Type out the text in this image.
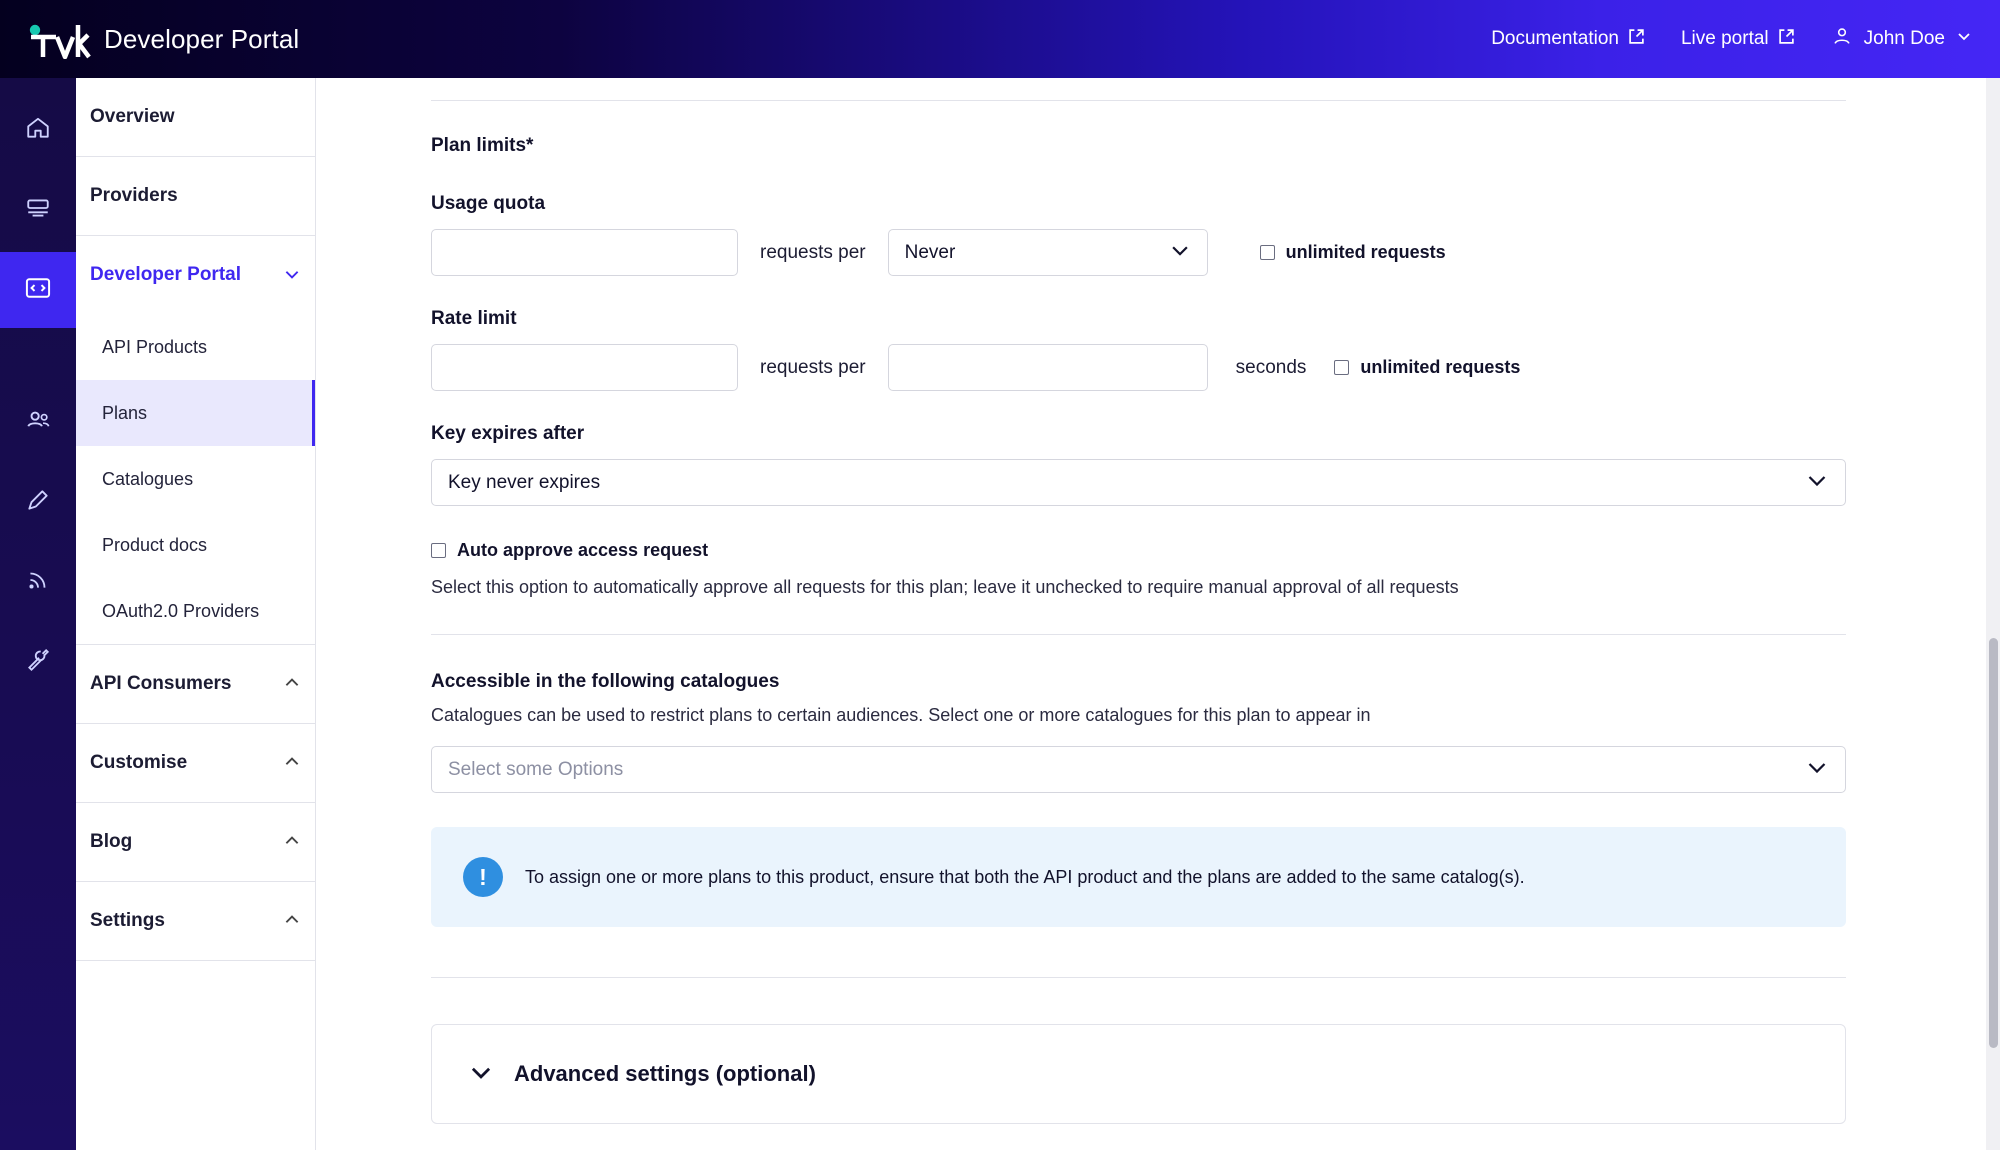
Developer Portal	Documentation	Live portal	John Doe
Overview
Providers
Developer Portal
API Products
Plans
Catalogues
Product docs
OAuth2.0 Providers
API Consumers
Customise
Blog
Settings
Plan limits*
Usage quota
requests per Never	unlimited requests
Rate limit
requests per	seconds	unlimited requests
Key expires after
Key never expires
Auto approve access request
Select this option to automatically approve all requests for this plan; leave it unchecked to require manual approval of all requests
Accessible in the following catalogues
Catalogues can be used to restrict plans to certain audiences. Select one or more catalogues for this plan to appear in
Select some Options
!	To assign one or more plans to this product, ensure that both the API product and the plans are added to the same catalog(s).
Advanced settings (optional)
